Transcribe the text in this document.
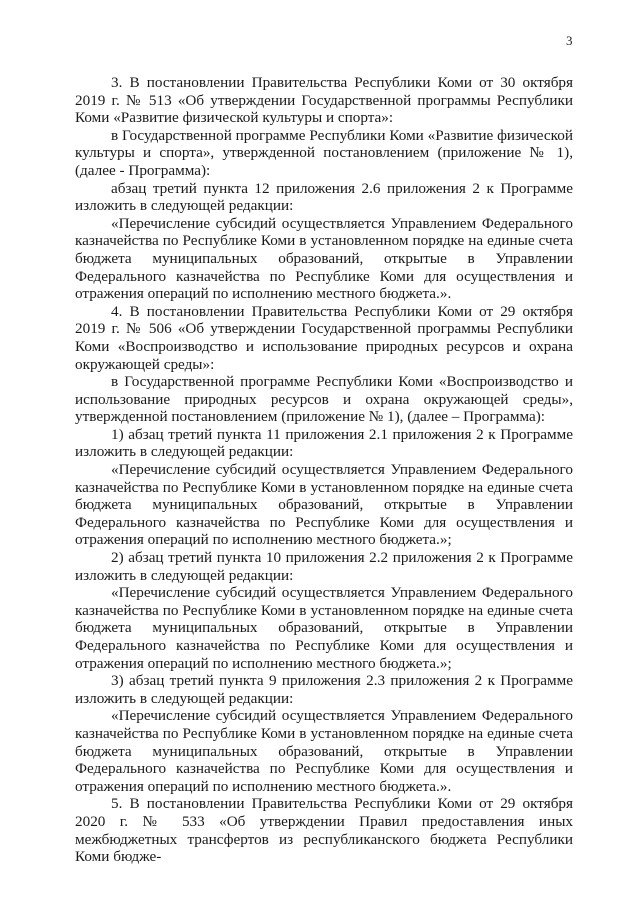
3

3. В постановлении Правительства Республики Коми от 30 октября 2019 г. № 513 «Об утверждении Государственной программы Республики Коми «Развитие физической культуры и спорта»:

в Государственной программе Республики Коми «Развитие физической культуры и спорта», утвержденной постановлением (приложение № 1), (далее - Программа):

абзац третий пункта 12 приложения 2.6 приложения 2 к Программе изложить в следующей редакции:

«Перечисление субсидий осуществляется Управлением Федерального казначейства по Республике Коми в установленном порядке на единые счета бюджета муниципальных образований, открытые в Управлении Федерального казначейства по Республике Коми для осуществления и отражения операций по исполнению местного бюджета.».

4. В постановлении Правительства Республики Коми от 29 октября 2019 г. № 506 «Об утверждении Государственной программы Республики Коми «Воспроизводство и использование природных ресурсов и охрана окружающей среды»:

в Государственной программе Республики Коми «Воспроизводство и использование природных ресурсов и охрана окружающей среды», утвержденной постановлением (приложение № 1), (далее – Программа):

1) абзац третий пункта 11 приложения 2.1 приложения 2 к Программе изложить в следующей редакции:

«Перечисление субсидий осуществляется Управлением Федерального казначейства по Республике Коми в установленном порядке на единые счета бюджета муниципальных образований, открытые в Управлении Федерального казначейства по Республике Коми для осуществления и отражения операций по исполнению местного бюджета.»;

2) абзац третий пункта 10 приложения 2.2 приложения 2 к Программе изложить в следующей редакции:

«Перечисление субсидий осуществляется Управлением Федерального казначейства по Республике Коми в установленном порядке на единые счета бюджета муниципальных образований, открытые в Управлении Федерального казначейства по Республике Коми для осуществления и отражения операций по исполнению местного бюджета.»;

3) абзац третий пункта 9 приложения 2.3 приложения 2 к Программе изложить в следующей редакции:

«Перечисление субсидий осуществляется Управлением Федерального казначейства по Республике Коми в установленном порядке на единые счета бюджета муниципальных образований, открытые в Управлении Федерального казначейства по Республике Коми для осуществления и отражения операций по исполнению местного бюджета.».

5. В постановлении Правительства Республики Коми от 29 октября 2020 г. № 533 «Об утверждении Правил предоставления иных межбюджетных трансфертов из республиканского бюджета Республики Коми бюдже-
